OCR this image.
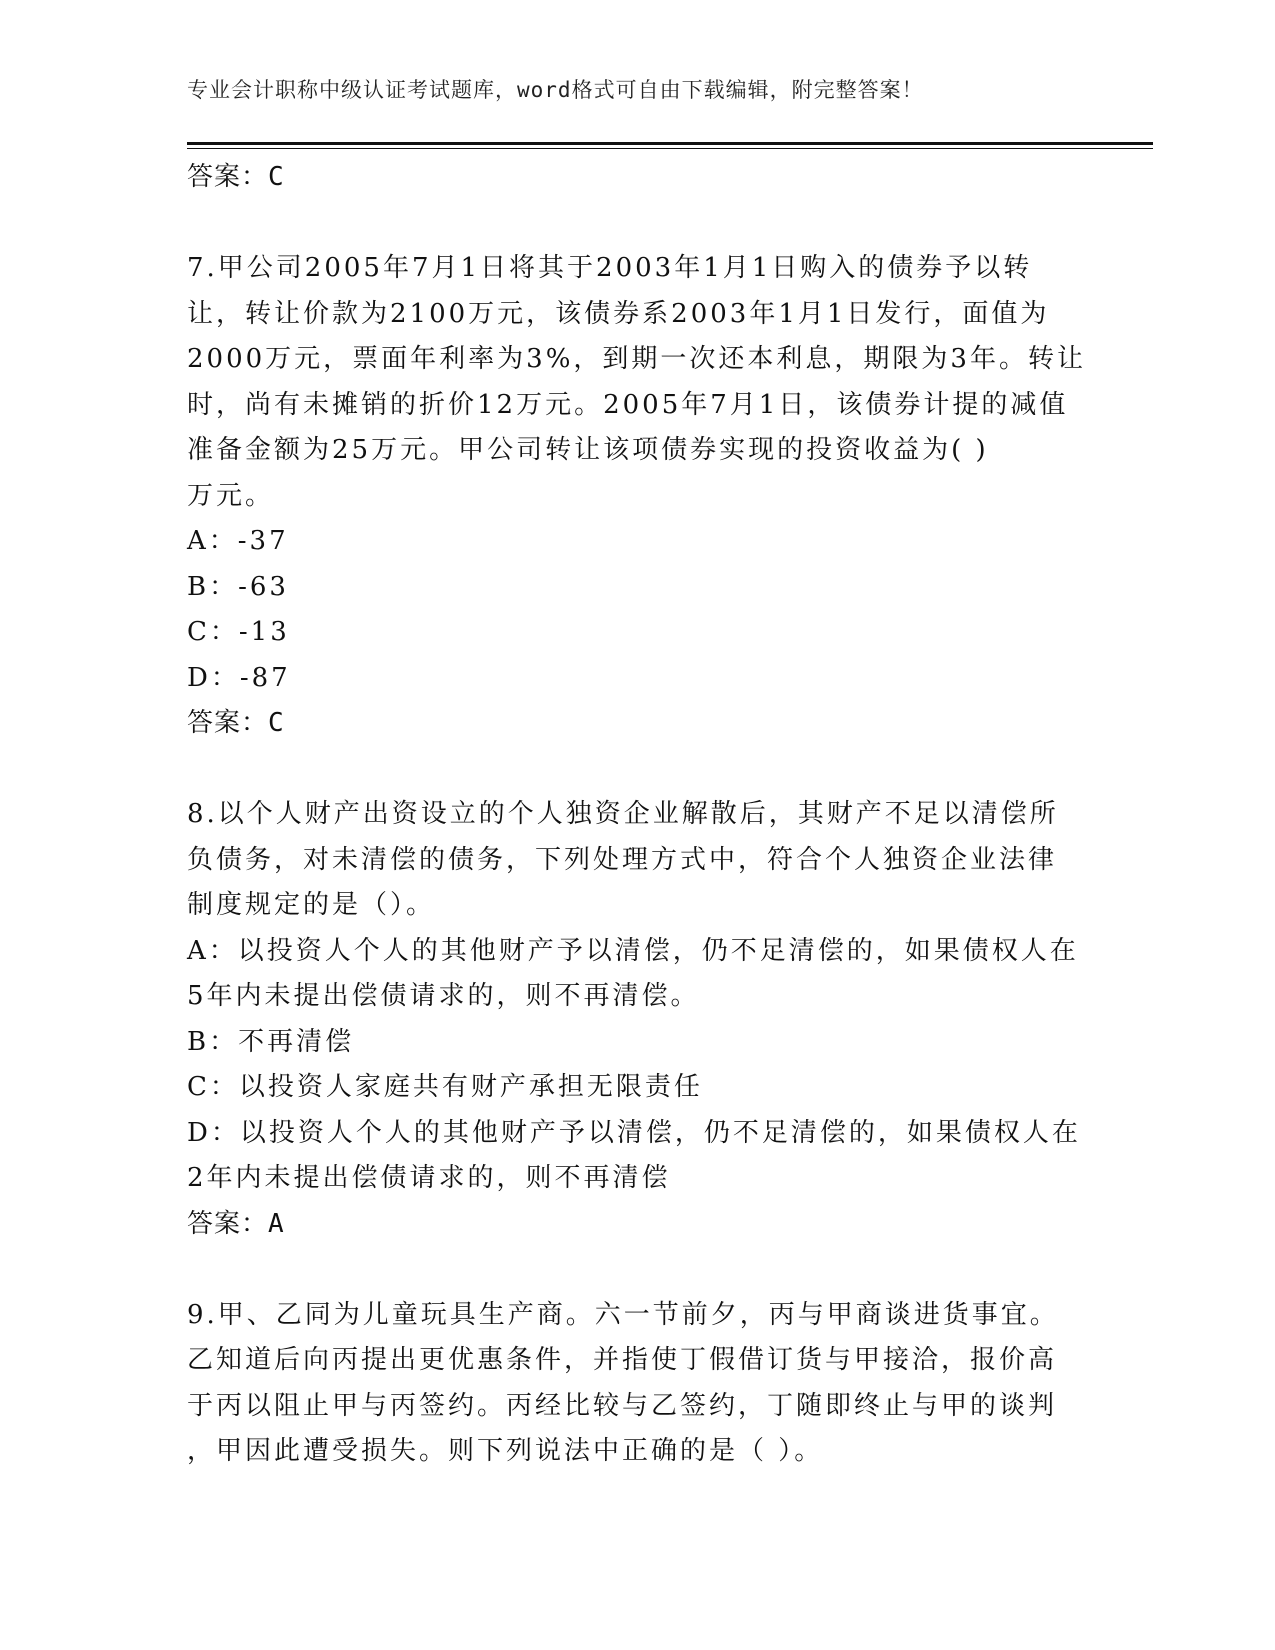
专业会计职称中级认证考试题库，word格式可自由下载编辑，附完整答案！
答案：C
7.甲公司2005年7月1日将其于2003年1月1日购入的债券予以转
让，转让价款为2100万元，该债券系2003年1月1日发行，面值为
2000万元，票面年利率为3%，到期一次还本利息，期限为3年。转让
时，尚有未摊销的折价12万元。2005年7月1日，该债券计提的减值
准备金额为25万元。甲公司转让该项债券实现的投资收益为( )
万元。
A：-37
B：-63
C：-13
D：-87
答案：C
8.以个人财产出资设立的个人独资企业解散后，其财产不足以清偿所
负债务，对未清偿的债务，下列处理方式中，符合个人独资企业法律
制度规定的是（）。
A：以投资人个人的其他财产予以清偿，仍不足清偿的，如果债权人在
5年内未提出偿债请求的，则不再清偿。
B：不再清偿
C：以投资人家庭共有财产承担无限责任
D：以投资人个人的其他财产予以清偿，仍不足清偿的，如果债权人在
2年内未提出偿债请求的，则不再清偿
答案：A
9.甲、乙同为儿童玩具生产商。六一节前夕，丙与甲商谈进货事宜。
乙知道后向丙提出更优惠条件，并指使丁假借订货与甲接洽，报价高
于丙以阻止甲与丙签约。丙经比较与乙签约，丁随即终止与甲的谈判
，甲因此遭受损失。则下列说法中正确的是（ ）。
